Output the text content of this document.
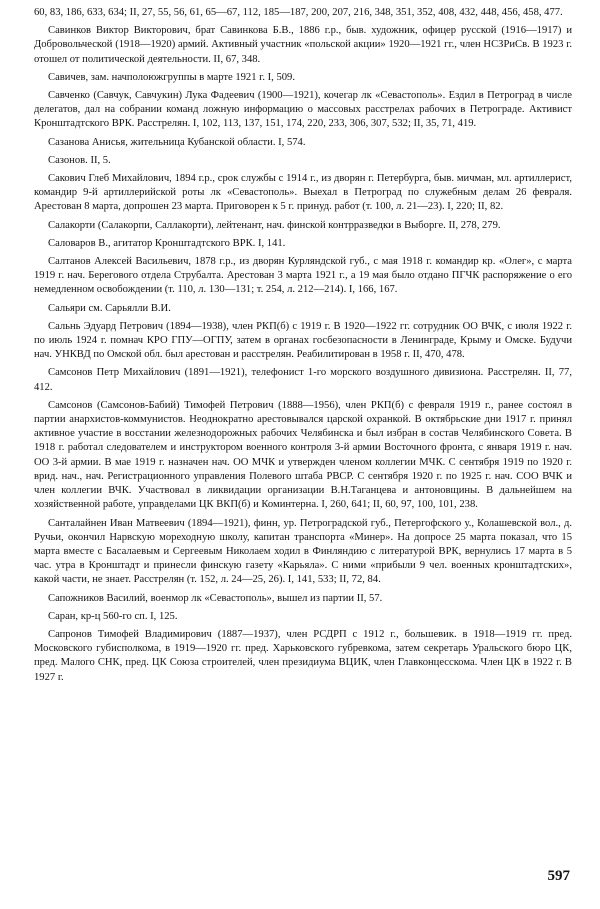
60, 83, 186, 633, 634; II, 27, 55, 56, 61, 65—67, 112, 185—187, 200, 207, 216, 348, 351, 352, 408, 432, 448, 456, 458, 477.

Савинков Виктор Викторович, брат Савинкова Б.В., 1886 г.р., быв. художник, офицер русской (1916—1917) и Добровольческой (1918—1920) армий. Активный участник «польской акции» 1920—1921 гг., член НСЗРиСв. В 1923 г. отошел от политической деятельности. II, 67, 348.

Савичев, зам. начполоюжгруппы в марте 1921 г. I, 509.

Савченко (Савчук, Савчукин) Лука Фадеевич (1900—1921), кочегар лк «Севастополь». Ездил в Петроград в числе делегатов, дал на собрании команд ложную информацию о массовых расстрелах рабочих в Петрограде. Активист Кронштадтского ВРК. Расстрелян. I, 102, 113, 137, 151, 174, 220, 233, 306, 307, 532; II, 35, 71, 419.

Сазанова Анисья, жительница Кубанской области. I, 574.

Сазонов. II, 5.

Сакович Глеб Михайлович, 1894 г.р., срок службы с 1914 г., из дворян г. Петербурга, быв. мичман, мл. артиллерист, командир 9-й артиллерийской роты лк «Севастополь». Выехал в Петроград по служебным делам 26 февраля. Арестован 8 марта, допрошен 23 марта. Приговорен к 5 г. принуд. работ (т. 100, л. 21—23). I, 220; II, 82.

Салакорти (Салакорпи, Саллакорти), лейтенант, нач. финской контрразведки в Выборге. II, 278, 279.

Саловаров В., агитатор Кронштадтского ВРК. I, 141.

Салтанов Алексей Васильевич, 1878 г.р., из дворян Курляндской губ., с мая 1918 г. командир кр. «Олег», с марта 1919 г. нач. Берегового отдела Струбалта. Арестован 3 марта 1921 г., а 19 мая было отдано ПГЧК распоряжение о его немедленном освобождении (т. 110, л. 130—131; т. 254, л. 212—214). I, 166, 167.

Сальяри см. Сарьялли В.И.

Сальнь Эдуард Петрович (1894—1938), член РКП(б) с 1919 г. В 1920—1922 гг. сотрудник ОО ВЧК, с июля 1922 г. по июль 1924 г. помнач КРО ГПУ—ОГПУ, затем в органах госбезопасности в Ленинграде, Крыму и Омске. Будучи нач. УНКВД по Омской обл. был арестован и расстрелян. Реабилитирован в 1958 г. II, 470, 478.

Самсонов Петр Михайлович (1891—1921), телефонист 1-го морского воздушного дивизиона. Расстрелян. II, 77, 412.

Самсонов (Самсонов-Бабий) Тимофей Петрович (1888—1956), член РКП(б) с февраля 1919 г., ранее состоял в партии анархистов-коммунистов. Неоднократно арестовывался царской охранкой. В октябрьские дни 1917 г. принял активное участие в восстании железнодорожных рабочих Челябинска и был избран в состав Челябинского Совета. В 1918 г. работал следователем и инструктором военного контроля 3-й армии Восточного фронта, с января 1919 г. нач. ОО 3-й армии. В мае 1919 г. назначен нач. ОО МЧК и утвержден членом коллегии МЧК. С сентября 1919 по 1920 г. врид. нач., нач. Регистрационного управления Полевого штаба РВСР. С сентября 1920 г. по 1925 г. нач. СОО ВЧК и член коллегии ВЧК. Участвовал в ликвидации организации В.Н.Таганцева и антоновщины. В дальнейшем на хозяйственной работе, управделами ЦК ВКП(б) и Коминтерна. I, 260, 641; II, 60, 97, 100, 101, 238.

Санталайнен Иван Матвеевич (1894—1921), финн, ур. Петроградской губ., Петергофского у., Колашевской вол., д. Ручьи, окончил Нарвскую мореходную школу, капитан транспорта «Минер». На допросе 25 марта показал, что 15 марта вместе с Басалаевым и Сергеевым Николаем ходил в Финляндию с литературой ВРК, вернулись 17 марта в 5 час. утра в Кронштадт и принесли финскую газету «Карьяла». С ними «прибыли 9 чел. военных кронштадтских», какой части, не знает. Расстрелян (т. 152, л. 24—25, 26). I, 141, 533; II, 72, 84.

Сапожников Василий, военмор лк «Севастополь», вышел из партии II, 57.

Саран, кр-ц 560-го сп. I, 125.

Сапронов Тимофей Владимирович (1887—1937), член РСДРП с 1912 г., большевик. в 1918—1919 гг. пред. Московского губисполкома, в 1919—1920 гг. пред. Харьковского губревкома, затем секретарь Уральского бюро ЦК, пред. Малого СНК, пред. ЦК Союза строителей, член президиума ВЦИК, член Главконцесскома. Член ЦК в 1922 г. В 1927 г.

597
